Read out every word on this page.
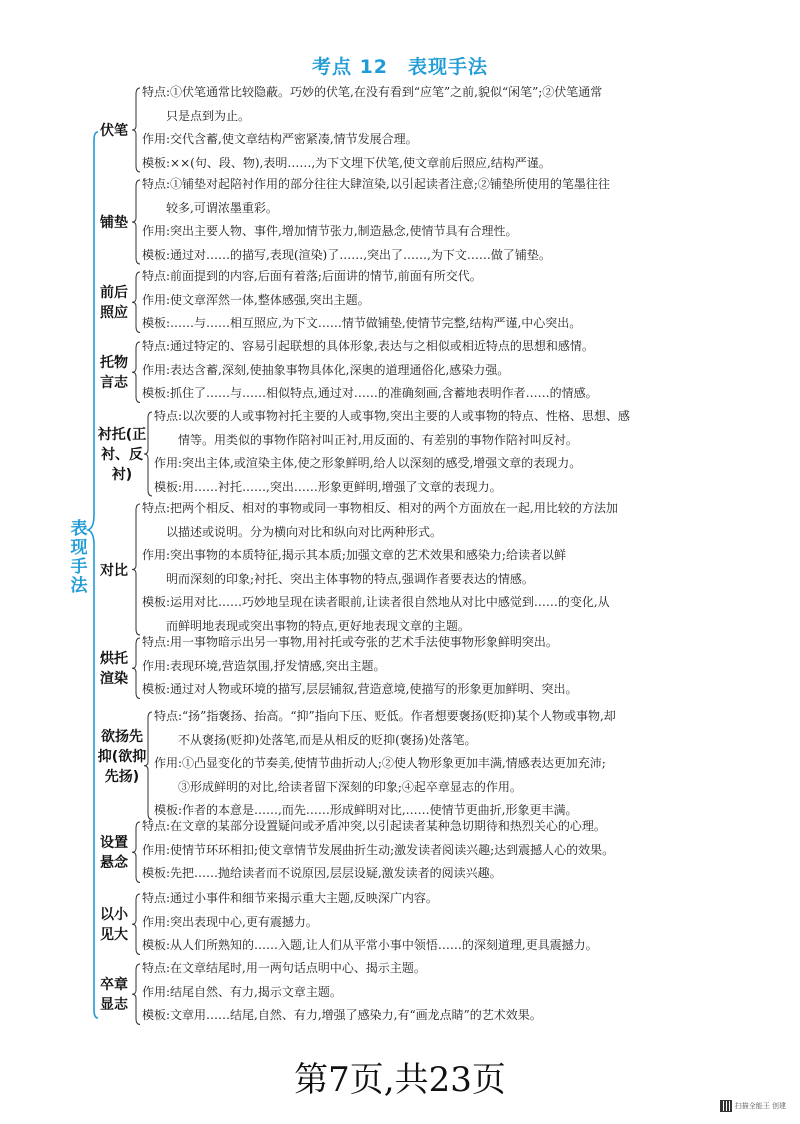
考点 12　表现手法
表现手法
伏笔
特点:①伏笔通常比较隐蔽。巧妙的伏笔,在没有看到“应笔”之前,貌似“闲笔”;②伏笔通常
　　只是点到为止。
作用:交代含蓄,使文章结构严密紧凑,情节发展合理。
模板:××(句、段、物),表明……,为下文埋下伏笔,使文章前后照应,结构严谨。
铺垫
特点:①铺垫对起陪衬作用的部分往往大肆渲染,以引起读者注意;②铺垫所使用的笔墨往往
　　较多,可谓浓墨重彩。
作用:突出主要人物、事件,增加情节张力,制造悬念,使情节具有合理性。
模板:通过对……的描写,表现(渲染)了……,突出了……,为下文……做了铺垫。
前后照应
特点:前面提到的内容,后面有着落;后面讲的情节,前面有所交代。
作用:使文章浑然一体,整体感强,突出主题。
模板:……与……相互照应,为下文……情节做铺垫,使情节完整,结构严谨,中心突出。
托物言志
特点:通过特定的、容易引起联想的具体形象,表达与之相似或相近特点的思想和感情。
作用:表达含蓄,深刻,使抽象事物具体化,深奥的道理通俗化,感染力强。
模板:抓住了……与……相似特点,通过对……的准确刻画,含蓄地表明作者……的情感。
衬托(正衬、反衬)
特点:以次要的人或事物衬托主要的人或事物,突出主要的人或事物的特点、性格、思想、感
　　情等。用类似的事物作陪衬叫正衬,用反面的、有差别的事物作陪衬叫反衬。
作用:突出主体,或渲染主体,使之形象鲜明,给人以深刻的感受,增强文章的表现力。
模板:用……衬托……,突出……形象更鲜明,增强了文章的表现力。
对比
特点:把两个相反、相对的事物或同一事物相反、相对的两个方面放在一起,用比较的方法加
　　以描述或说明。分为横向对比和纵向对比两种形式。
作用:突出事物的本质特征,揭示其本质;加强文章的艺术效果和感染力;给读者以鲜
　　明而深刻的印象;衬托、突出主体事物的特点,强调作者要表达的情感。
模板:运用对比……巧妙地呈现在读者眼前,让读者很自然地从对比中感觉到……的变化,从
　　而鲜明地表现或突出事物的特点,更好地表现文章的主题。
烘托渲染
特点:用一事物暗示出另一事物,用衬托或夸张的艺术手法使事物形象鲜明突出。
作用:表现环境,营造氛围,抒发情感,突出主题。
模板:通过对人物或环境的描写,层层铺叙,营造意境,使描写的形象更加鲜明、突出。
欲扬先抑(欲抑先扬)
特点:“扬”指褒扬、抬高。“抑”指向下压、贬低。作者想要褒扬(贬抑)某个人物或事物,却
　　不从褒扬(贬抑)处落笔,而是从相反的贬抑(褒扬)处落笔。
作用:①凸显变化的节奏美,使情节曲折动人;②使人物形象更加丰满,情感表达更加充沛;
　　③形成鲜明的对比,给读者留下深刻的印象;④起卒章显志的作用。
模板:作者的本意是……,而先……形成鲜明对比,……使情节更曲折,形象更丰满。
设置悬念
特点:在文章的某部分设置疑问或矛盾冲突,以引起读者某种急切期待和热烈关心的心理。
作用:使情节环环相扣;使文章情节发展曲折生动;激发读者阅读兴趣;达到震撼人心的效果。
模板:先把……抛给读者而不说原因,层层设疑,激发读者的阅读兴趣。
以小见大
特点:通过小事件和细节来揭示重大主题,反映深广内容。
作用:突出表现中心,更有震撼力。
模板:从人们所熟知的……入题,让人们从平常小事中领悟……的深刻道理,更具震撼力。
卒章显志
特点:在文章结尾时,用一两句话点明中心、揭示主题。
作用:结尾自然、有力,揭示文章主题。
模板:文章用……结尾,自然、有力,增强了感染力,有“画龙点睛”的艺术效果。
第7页,共23页
扫描全能王 创建
